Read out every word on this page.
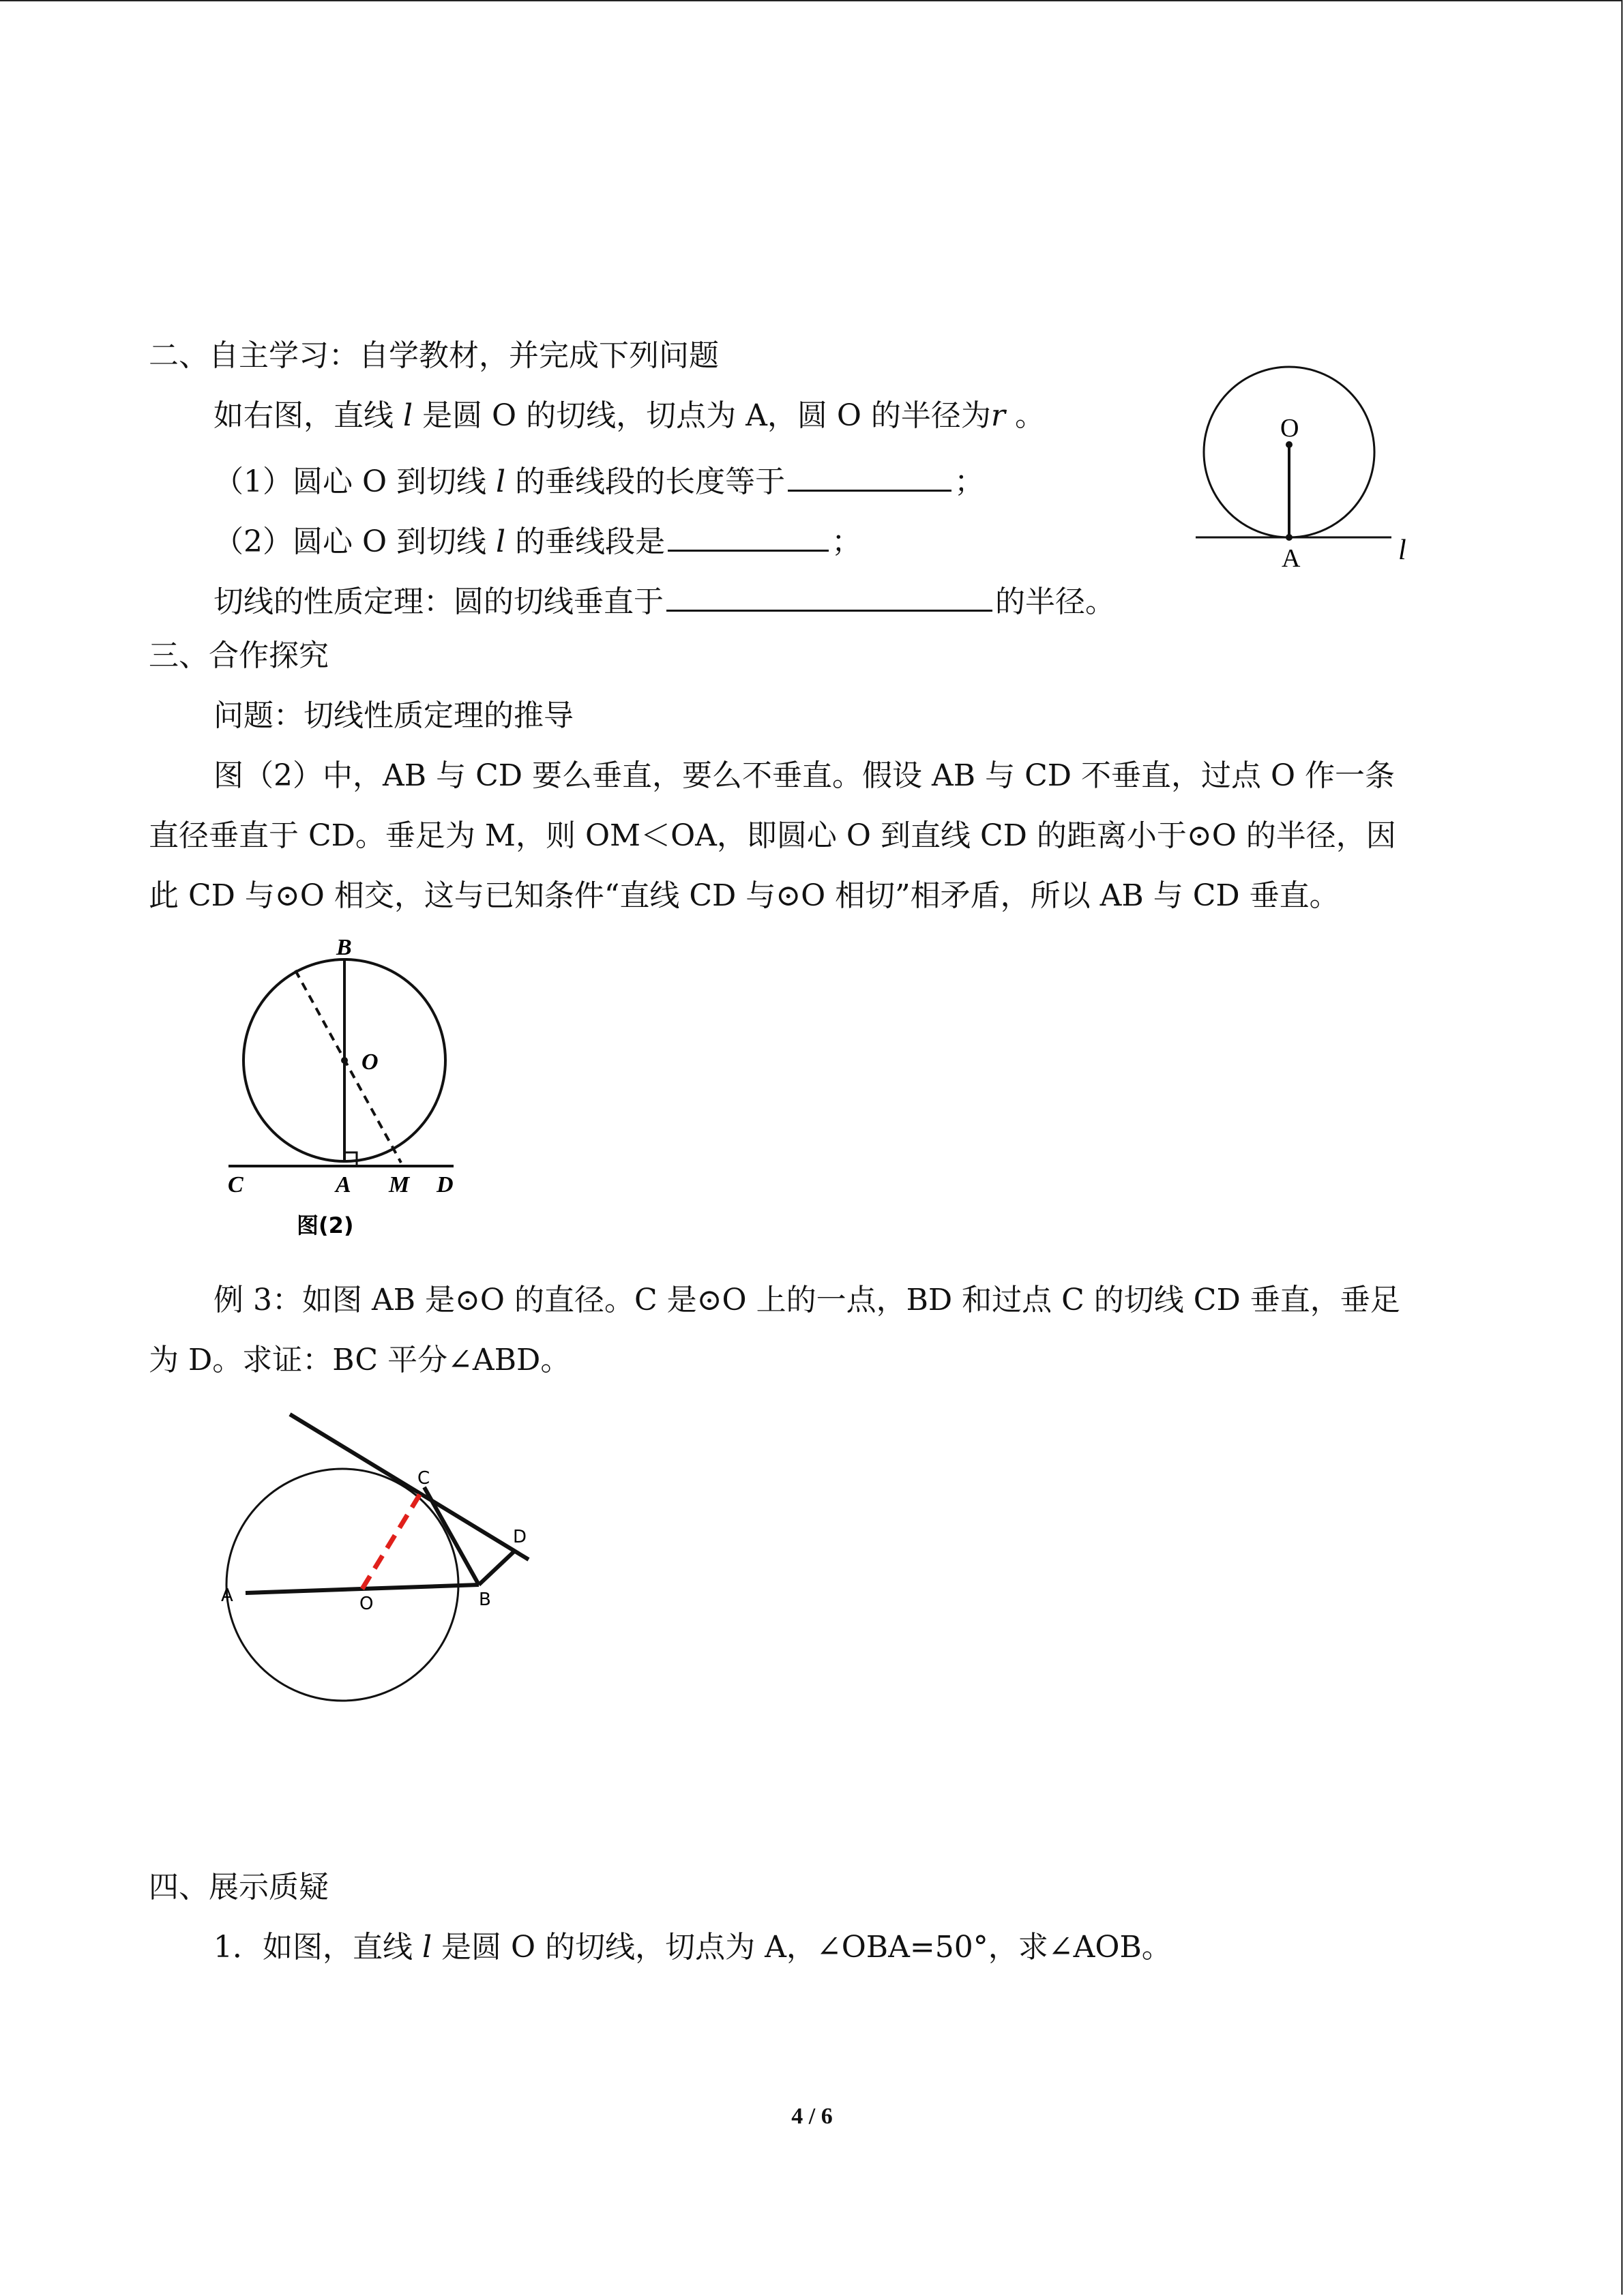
二、自主学习：自学教材，并完成下列问题
如右图，直线 l 是圆 O 的切线，切点为 A，圆 O 的半径为r 。
（1）圆心 O 到切线 l 的垂线段的长度等于	；
（2）圆心 O 到切线 l 的垂线段是	；
切线的性质定理：圆的切线垂直于	的半径。
O
A	l
三、合作探究
问题：切线性质定理的推导
图（2）中，AB 与 CD 要么垂直，要么不垂直。假设 AB 与 CD 不垂直，过点 O 作一条
直径垂直于 CD。垂足为 M，则 OM＜OA，即圆心 O 到直线 CD 的距离小于⊙O 的半径，因
此 CD 与⊙O 相交，这与已知条件“直线 CD 与⊙O 相切”相矛盾，所以 AB 与 CD 垂直。
B
O
C	A M D
图(2)
例 3：如图 AB 是⊙O 的直径。C 是⊙O 上的一点，BD 和过点 C 的切线 CD 垂直，垂足
为 D。求证：BC 平分∠ABD。
A	O	B
C
D
四、展示质疑
1．如图，直线 l 是圆 O 的切线，切点为 A，∠OBA=50°，求∠AOB。
4 / 6
